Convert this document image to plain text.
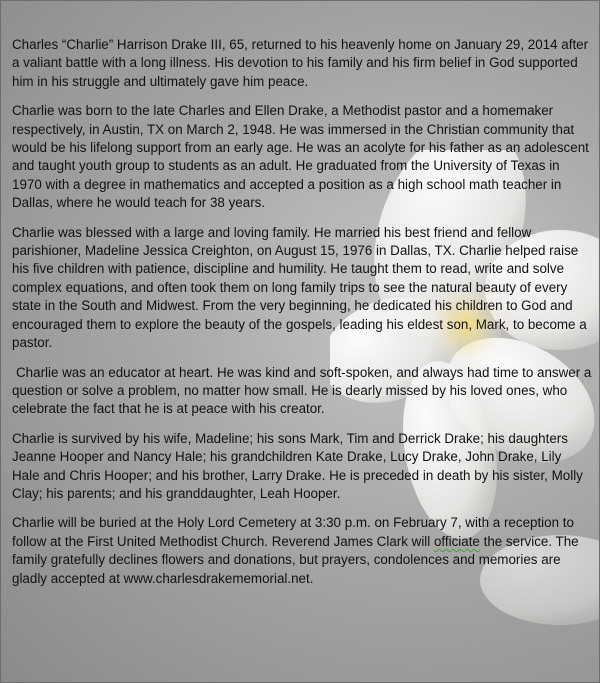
Charles “Charlie” Harrison Drake III, 65, returned to his heavenly home on January 29, 2014 after a valiant battle with a long illness. His devotion to his family and his firm belief in God supported him in his struggle and ultimately gave him peace.

Charlie was born to the late Charles and Ellen Drake, a Methodist pastor and a homemaker respectively, in Austin, TX on March 2, 1948. He was immersed in the Christian community that would be his lifelong support from an early age. He was an acolyte for his father as an adolescent and taught youth group to students as an adult. He graduated from the University of Texas in 1970 with a degree in mathematics and accepted a position as a high school math teacher in Dallas, where he would teach for 38 years.

Charlie was blessed with a large and loving family. He married his best friend and fellow parishioner, Madeline Jessica Creighton, on August 15, 1976 in Dallas, TX. Charlie helped raise his five children with patience, discipline and humility. He taught them to read, write and solve complex equations, and often took them on long family trips to see the natural beauty of every state in the South and Midwest. From the very beginning, he dedicated his children to God and encouraged them to explore the beauty of the gospels, leading his eldest son, Mark, to become a pastor.

Charlie was an educator at heart. He was kind and soft-spoken, and always had time to answer a question or solve a problem, no matter how small. He is dearly missed by his loved ones, who celebrate the fact that he is at peace with his creator.

Charlie is survived by his wife, Madeline; his sons Mark, Tim and Derrick Drake; his daughters Jeanne Hooper and Nancy Hale; his grandchildren Kate Drake, Lucy Drake, John Drake, Lily Hale and Chris Hooper; and his brother, Larry Drake. He is preceded in death by his sister, Molly Clay; his parents; and his granddaughter, Leah Hooper.

Charlie will be buried at the Holy Lord Cemetery at 3:30 p.m. on February 7, with a reception to follow at the First United Methodist Church. Reverend James Clark will officiate the service. The family gratefully declines flowers and donations, but prayers, condolences and memories are gladly accepted at www.charlesdrakememorial.net.
